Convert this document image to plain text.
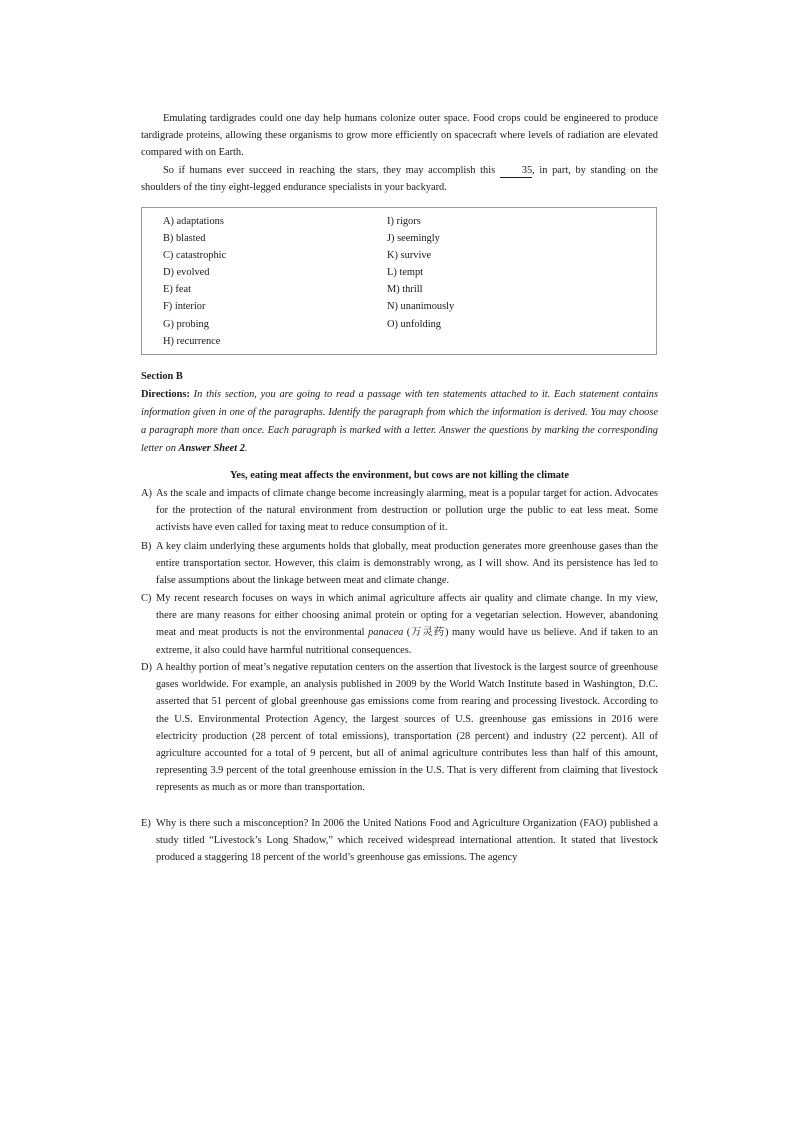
Emulating tardigrades could one day help humans colonize outer space. Food crops could be engineered to produce tardigrade proteins, allowing these organisms to grow more efficiently on spacecraft where levels of radiation are elevated compared with on Earth.

So if humans ever succeed in reaching the stars, they may accomplish this 35, in part, by standing on the shoulders of the tiny eight-legged endurance specialists in your backyard.

A) adaptations
B) blasted
C) catastrophic
D) evolved
E) feat
F) interior
G) probing
H) recurrence
I) rigors
J) seemingly
K) survive
L) tempt
M) thrill
N) unanimously
O) unfolding

Section B

Directions: In this section, you are going to read a passage with ten statements attached to it. Each statement contains information given in one of the paragraphs. Identify the paragraph from which the information is derived. You may choose a paragraph more than once. Each paragraph is marked with a letter. Answer the questions by marking the corresponding letter on Answer Sheet 2.

Yes, eating meat affects the environment, but cows are not killing the climate

A) As the scale and impacts of climate change become increasingly alarming, meat is a popular target for action. Advocates for the protection of the natural environment from destruction or pollution urge the public to eat less meat. Some activists have even called for taxing meat to reduce consumption of it.
B) A key claim underlying these arguments holds that globally, meat production generates more greenhouse gases than the entire transportation sector. However, this claim is demonstrably wrong, as I will show. And its persistence has led to false assumptions about the linkage between meat and climate change.
C) My recent research focuses on ways in which animal agriculture affects air quality and climate change. In my view, there are many reasons for either choosing animal protein or opting for a vegetarian selection. However, abandoning meat and meat products is not the environmental panacea (万灵药) many would have us believe. And if taken to an extreme, it also could have harmful nutritional consequences.
D) A healthy portion of meat’s negative reputation centers on the assertion that livestock is the largest source of greenhouse gases worldwide. For example, an analysis published in 2009 by the World Watch Institute based in Washington, D.C. asserted that 51 percent of global greenhouse gas emissions come from rearing and processing livestock. According to the U.S. Environmental Protection Agency, the largest sources of U.S. greenhouse gas emissions in 2016 were electricity production (28 percent of total emissions), transportation (28 percent) and industry (22 percent). All of agriculture accounted for a total of 9 percent, but all of animal agriculture contributes less than half of this amount, representing 3.9 percent of the total greenhouse emission in the U.S. That is very different from claiming that livestock represents as much as or more than transportation.
E) Why is there such a misconception? In 2006 the United Nations Food and Agriculture Organization (FAO) published a study titled “Livestock’s Long Shadow,” which received widespread international attention. It stated that livestock produced a staggering 18 percent of the world’s greenhouse gas emissions. The agency
